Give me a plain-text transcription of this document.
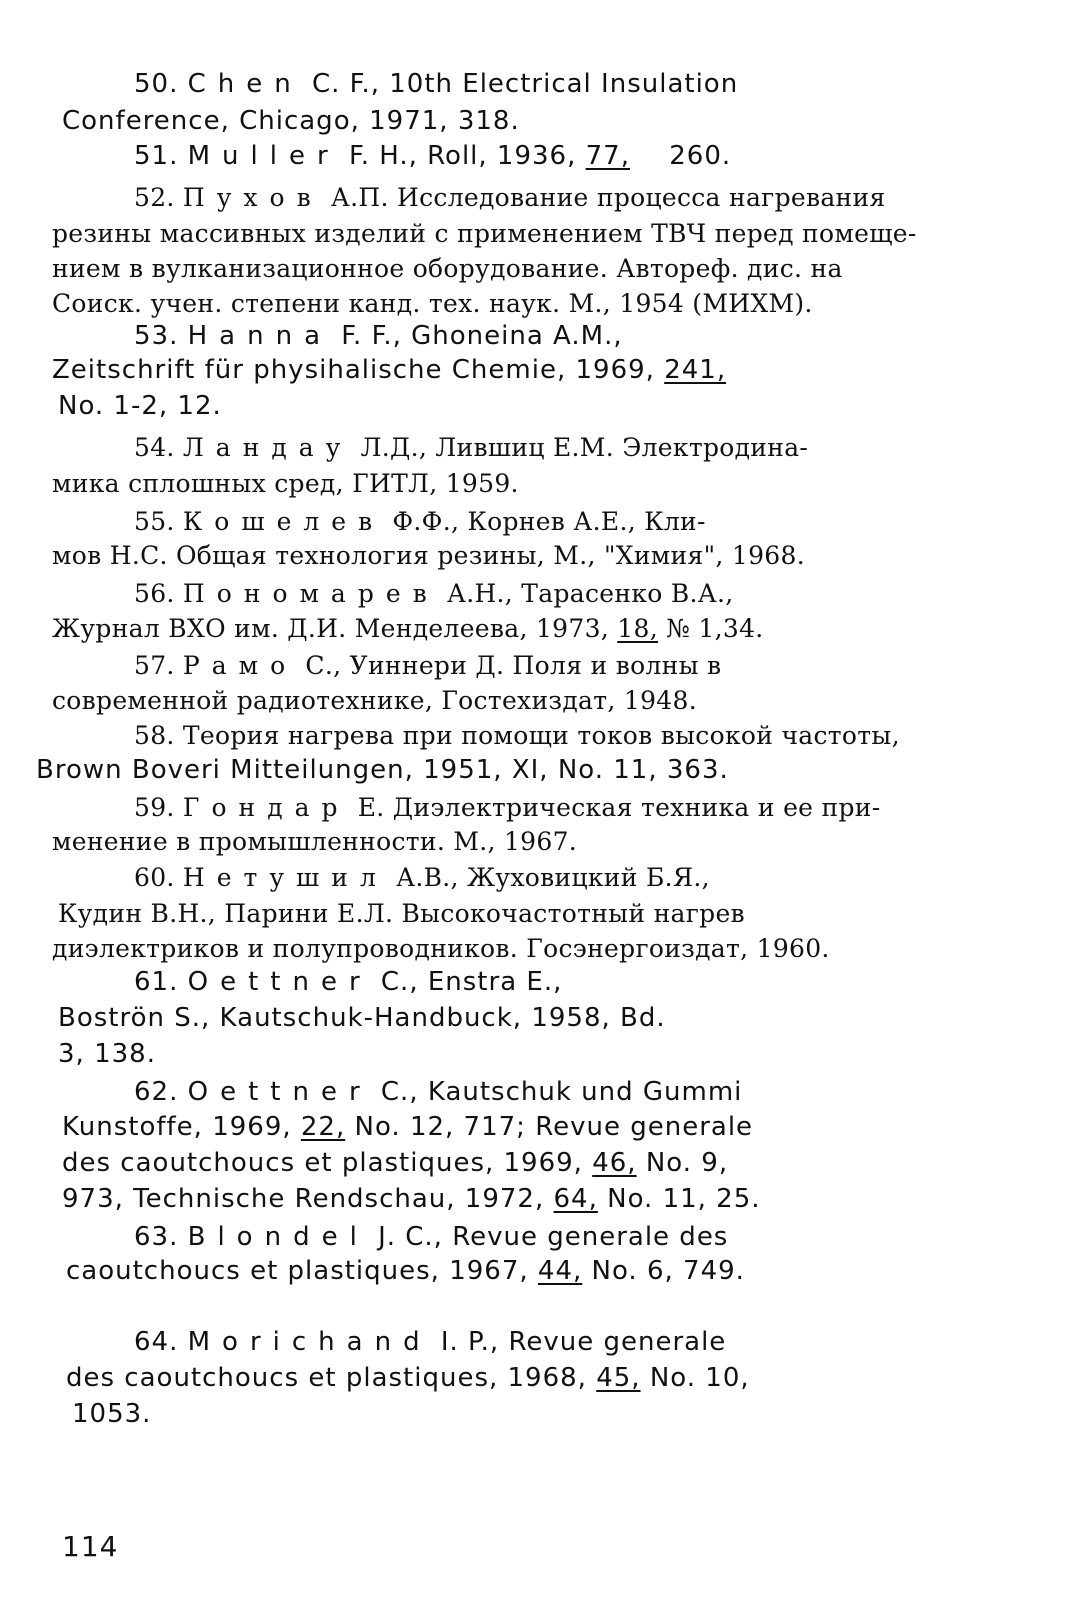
50. Chen C. F., 10th Electrical Insulation
Conference, Chicago, 1971, 318.
51. Muller F. H., Roll, 1936, 77, 260.
52. Пухов А.П. Исследование процесса нагревания
резины массивных изделий с применением ТВЧ перед помеще-
нием в вулканизационное оборудование. Автореф. дис. на
Соиск. учен. степени канд. тех. наук. М., 1954 (МИХМ).
53. Hanna F. F., Ghoneina A.M.,
Zeitschrift für physihalische Chemie, 1969, 241,
No. 1-2, 12.
54. Ландау Л.Д., Лившиц Е.М. Электродина-
мика сплошных сред, ГИТЛ, 1959.
55. Кошелев Ф.Ф., Корнев А.Е., Кли-
мов Н.С. Общая технология резины, М., "Химия", 1968.
56. Пономарев А.Н., Тарасенко В.А.,
Журнал ВХО им. Д.И. Менделеева, 1973, 18, № 1,34.
57. Рамо С., Уиннери Д. Поля и волны в
современной радиотехнике, Гостехиздат, 1948.
58. Теория нагрева при помощи токов высокой частоты,
Brown Boveri Mitteilungen, 1951, XI, No. 11, 363.
59. Гондар Е. Диэлектрическая техника и ее при-
менение в промышленности. М., 1967.
60. Нетушил А.В., Жуховицкий Б.Я.,
Кудин В.Н., Парини Е.Л. Высокочастотный нагрев
диэлектриков и полупроводников. Госэнергоиздат, 1960.
61. Oettner C., Enstra E.,
Boströn S., Kautschuk-Handbuck, 1958, Bd.
3, 138.
62. Oettner C., Kautschuk und Gummi
Kunstoffe, 1969, 22, No. 12, 717; Revue generale
des caoutchoucs et plastiques, 1969, 46, No. 9,
973, Technische Rendschau, 1972, 64, No. 11, 25.
63. Blondel J. C., Revue generale des
caoutchoucs et plastiques, 1967, 44, No. 6, 749.
64. Morichand I. P., Revue generale
des caoutchoucs et plastiques, 1968, 45, No. 10,
1053.
114
